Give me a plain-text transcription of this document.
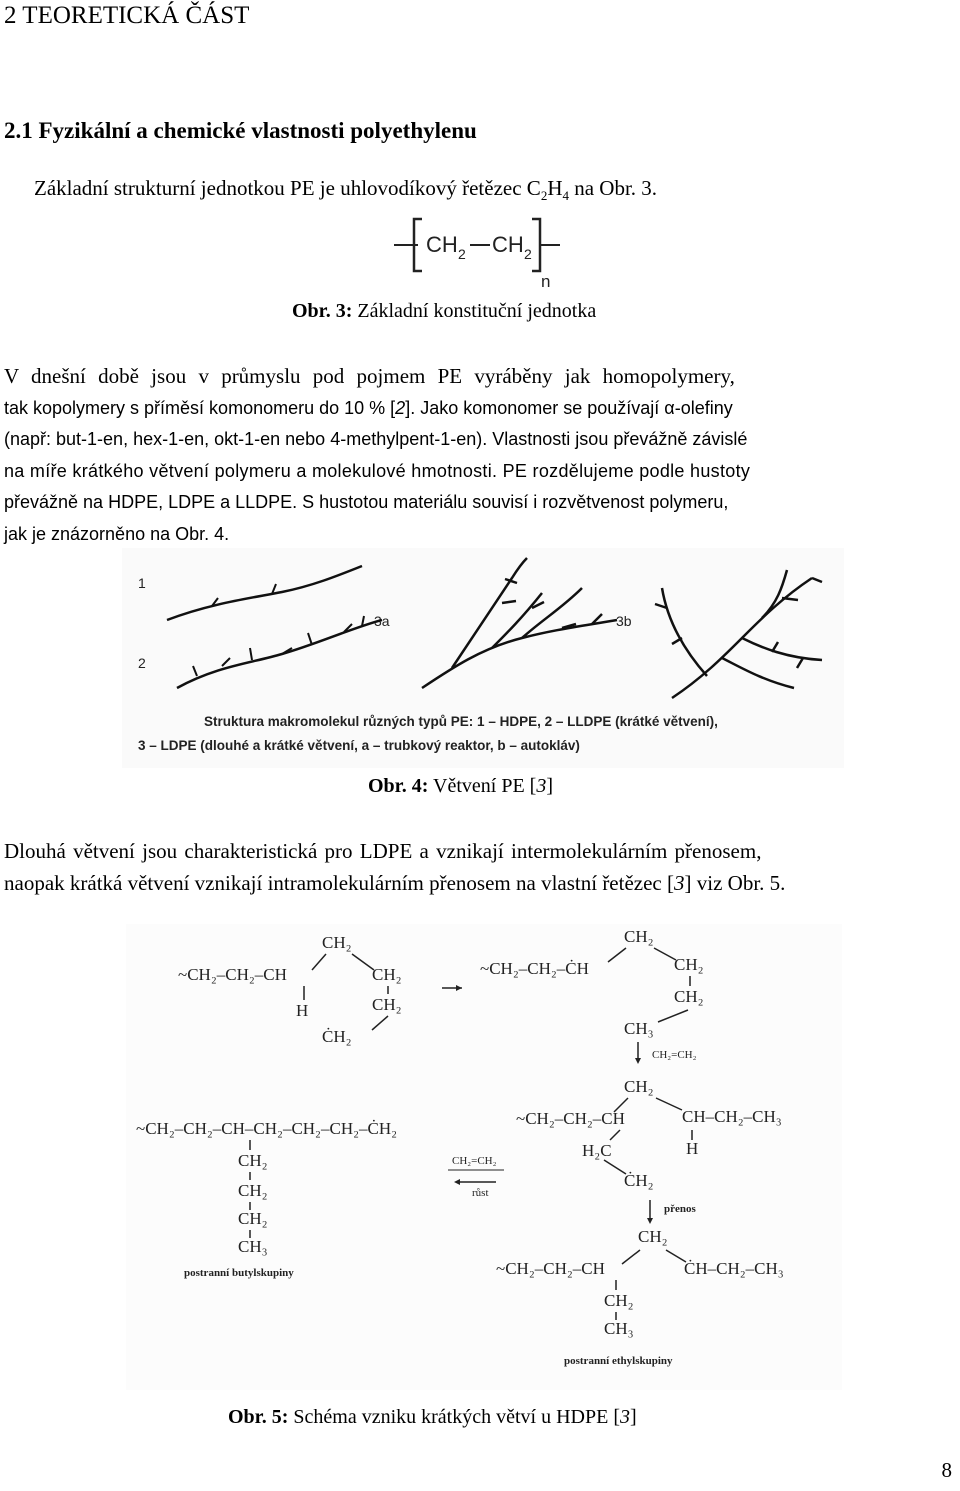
2 TEORETICKÁ ČÁST
2.1 Fyzikální a chemické vlastnosti polyethylenu
Základní strukturní jednotkou PE je uhlovodíkový řetězec $C_2H_4$ na Obr. 3.
CH 2 CH 2
n
Obr. 3: Základní konstituční jednotka
V dnešní době jsou v průmyslu pod pojmem PE vyráběny jak homopolymery,
tak kopolymery s příměsí komonomeru do 10 % [2]. Jako komonomer se používají α-olefiny
(např: but-1-en, hex-1-en, okt-1-en nebo 4-methylpent-1-en). Vlastnosti jsou převážně závislé
na míře krátkého větvení polymeru a molekulové hmotnosti. PE rozdělujeme podle hustoty
převážně na HDPE, LDPE a LLDPE. S hustotou materiálu souvisí i rozvětvenost polymeru,
jak je znázorněno na Obr. 4.
1
2
3a	3b
Struktura makromolekul různých typů PE: 1 – HDPE, 2 – LLDPE (krátké větvení),
3 – LDPE (dlouhé a krátké větvení, a – trubkový reaktor, b – autokláv)
Obr. 4: Větvení PE [3]
Dlouhá větvení jsou charakteristická pro LDPE a vznikají intermolekulárním přenosem,
naopak krátká větvení vznikají intramolekulárním přenosem na vlastní řetězec [3] viz Obr. 5.
CH₂
~CH₂–CH₂–CH	CH₂
H	CH₂
ĊH₂
CH₂
~CH₂–CH₂–ĊH	CH₂
CH₂
CH₃
CH₂=CH₂
~CH₂–CH₂–CH–CH₂–CH₂–CH₂–ĊH₂
CH₂
CH₂
CH₂
CH₃
postranní butylskupiny
CH₂=CH₂
růst
CH₂
~CH₂–CH₂–CH	CH–CH₂–CH₃
H
H₂C
ĊH₂
přenos
CH₂
~CH₂–CH₂–CH	ĊH–CH₂–CH₃
CH₂
CH₃
postranní ethylskupiny
Obr. 5: Schéma vzniku krátkých větví u HDPE [3]
8
